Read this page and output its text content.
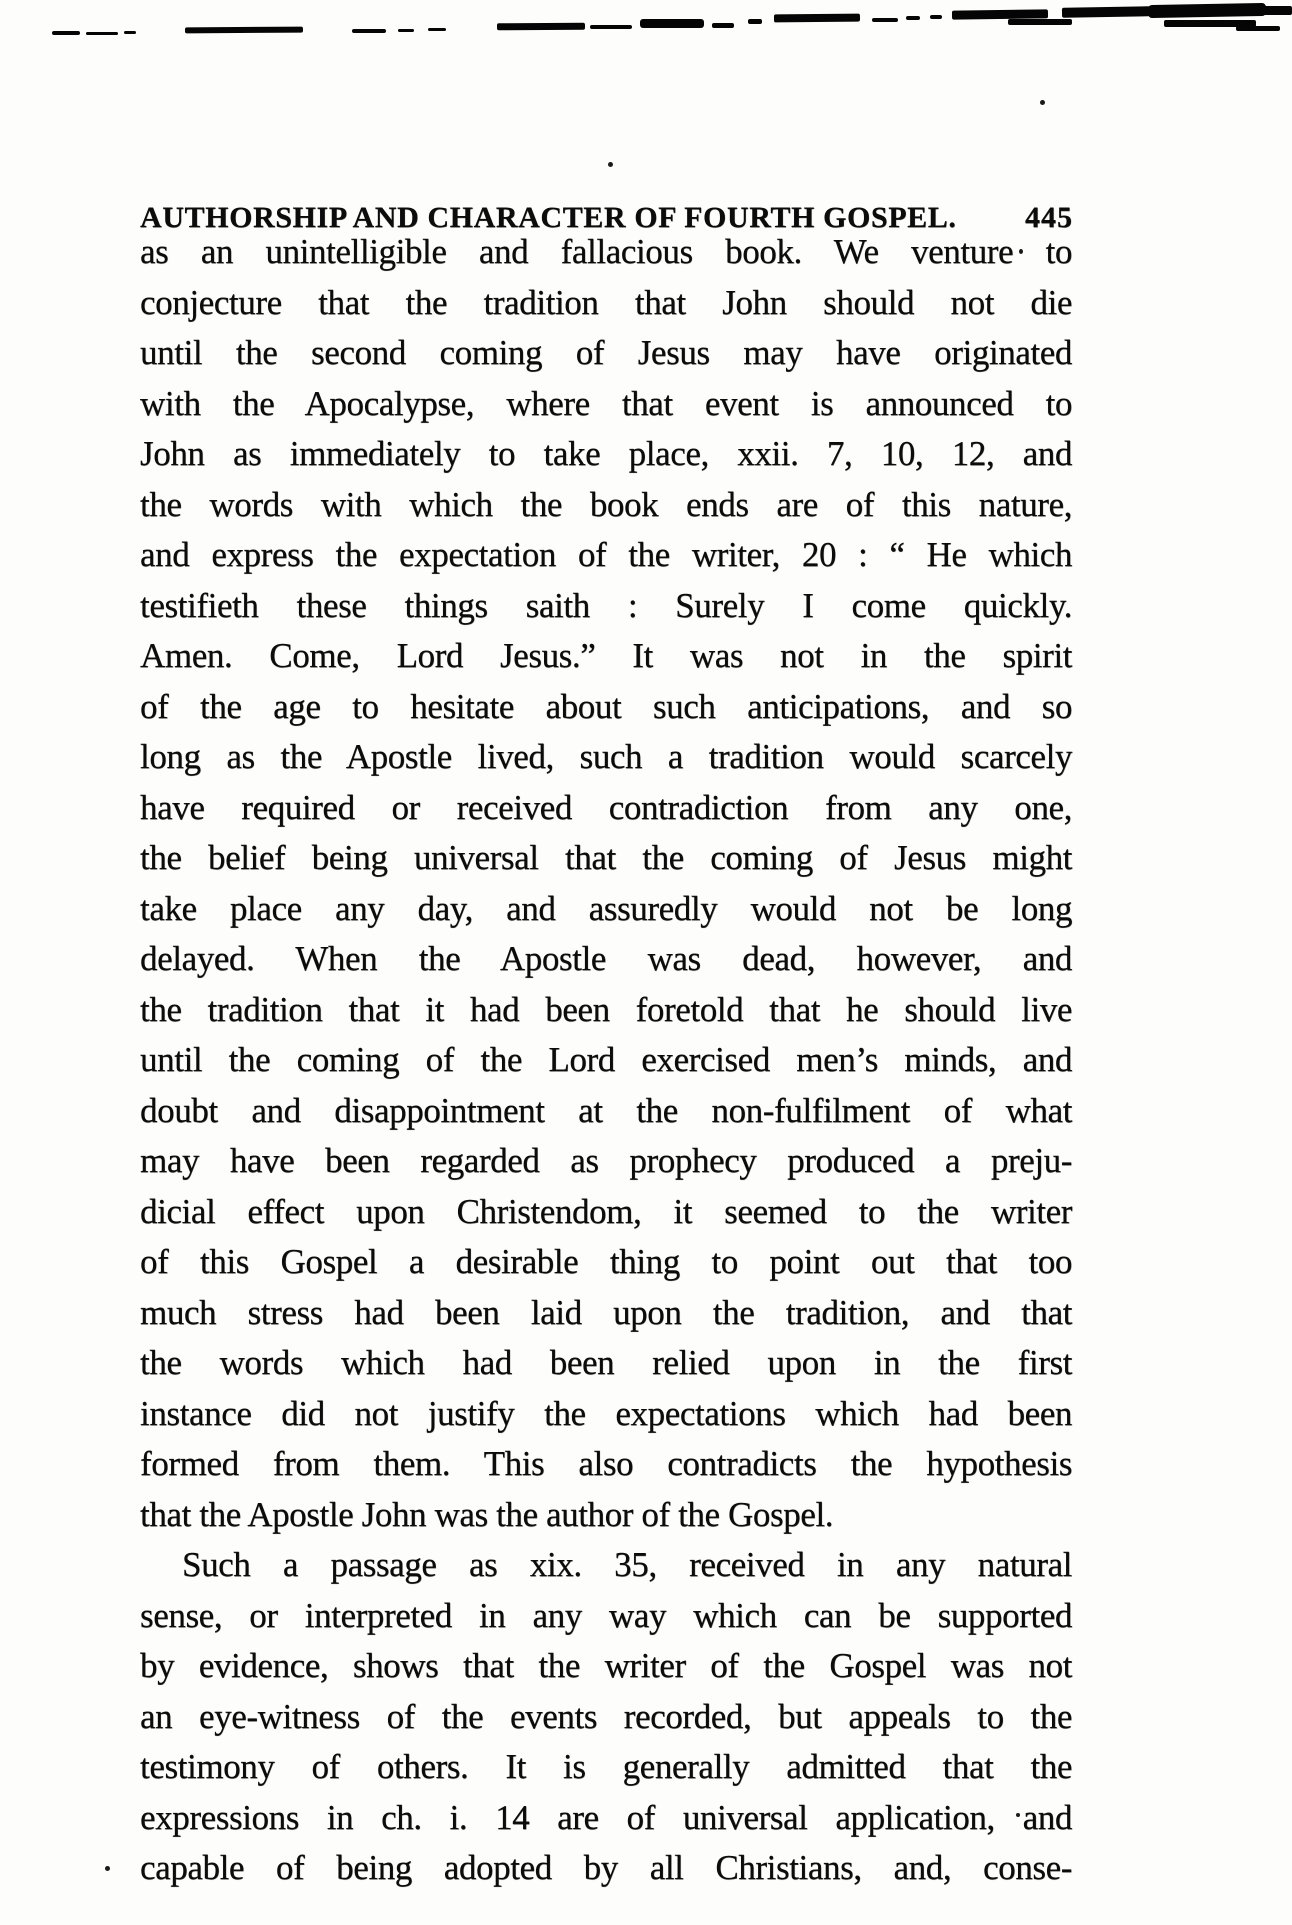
AUTHORSHIP AND CHARACTER OF FOURTH GOSPEL. 445
as an unintelligible and fallacious book. We venture to
conjecture that the tradition that John should not die
until the second coming of Jesus may have originated
with the Apocalypse, where that event is announced to
John as immediately to take place, xxii. 7, 10, 12, and
the words with which the book ends are of this nature,
and express the expectation of the writer, 20 : “ He which
testifieth these things saith : Surely I come quickly.
Amen. Come, Lord Jesus.” It was not in the spirit
of the age to hesitate about such anticipations, and so
long as the Apostle lived, such a tradition would scarcely
have required or received contradiction from any one,
the belief being universal that the coming of Jesus might
take place any day, and assuredly would not be long
delayed. When the Apostle was dead, however, and
the tradition that it had been foretold that he should live
until the coming of the Lord exercised men’s minds, and
doubt and disappointment at the non-fulfilment of what
may have been regarded as prophecy produced a preju-
dicial effect upon Christendom, it seemed to the writer
of this Gospel a desirable thing to point out that too
much stress had been laid upon the tradition, and that
the words which had been relied upon in the first
instance did not justify the expectations which had been
formed from them. This also contradicts the hypothesis
that the Apostle John was the author of the Gospel.
Such a passage as xix. 35, received in any natural
sense, or interpreted in any way which can be supported
by evidence, shows that the writer of the Gospel was not
an eye-witness of the events recorded, but appeals to the
testimony of others. It is generally admitted that the
expressions in ch. i. 14 are of universal application, and
capable of being adopted by all Christians, and, conse-
